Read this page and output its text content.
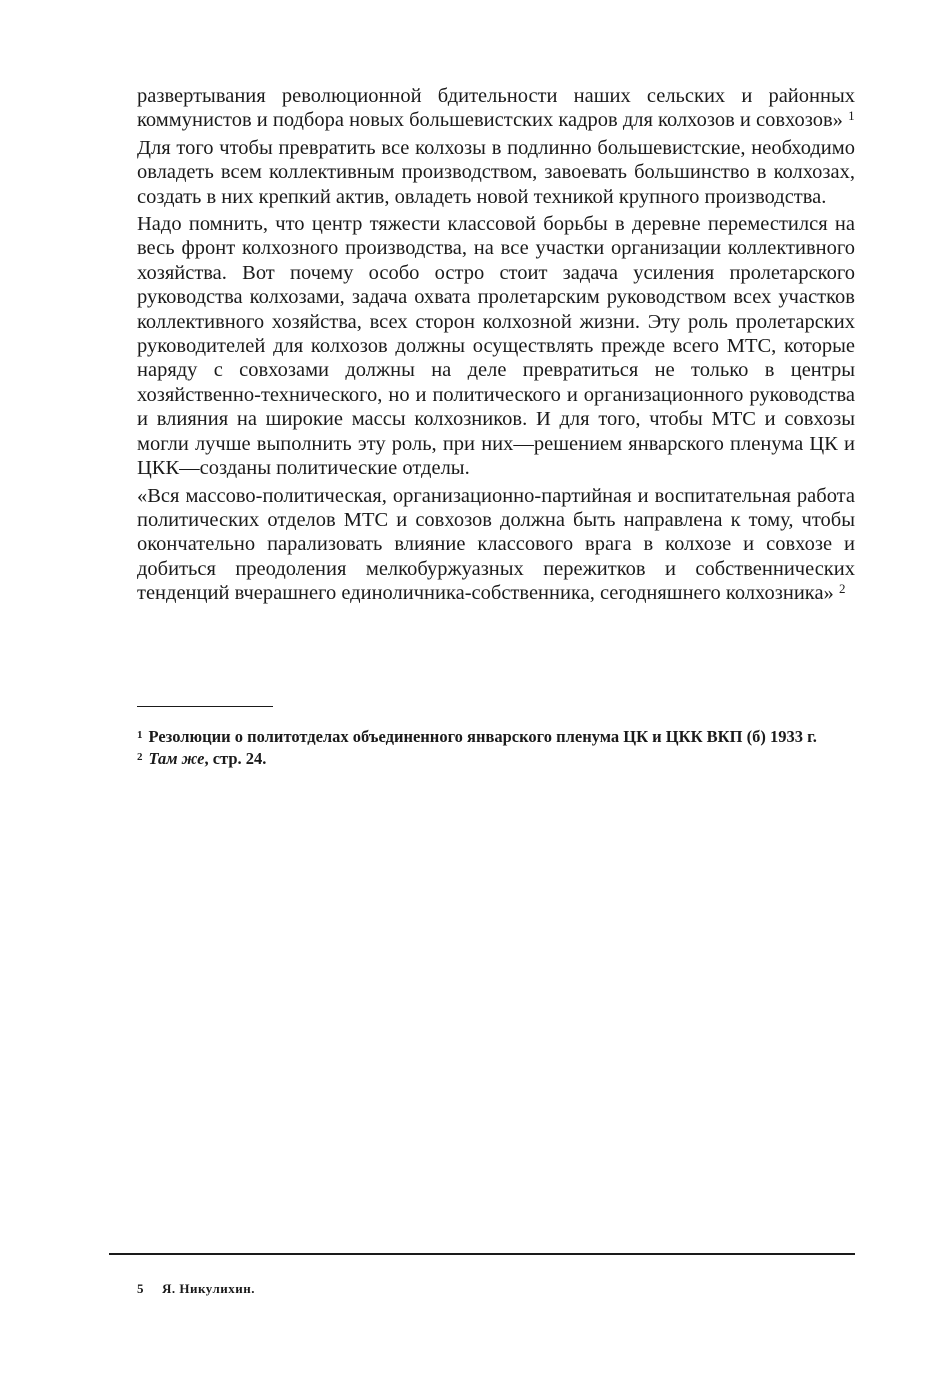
развертывания революционной бдительности наших сельских и районных коммунистов и подбора новых большевистских кадров для колхозов и совхозов» $^1$

Для того чтобы превратить все колхозы в подлинно большевистские, необходимо овладеть всем коллективным производством, завоевать большинство в колхозах, создать в них крепкий актив, овладеть новой техникой крупного производства.

Надо помнить, что центр тяжести классовой борьбы в деревне переместился на весь фронт колхозного производства, на все участки организации коллективного хозяйства. Вот почему особо остро стоит задача усиления пролетарского руководства колхозами, задача охвата пролетарским руководством всех участков коллективного хозяйства, всех сторон колхозной жизни. Эту роль пролетарских руководителей для колхозов должны осуществлять прежде всего МТС, которые наряду с совхозами должны на деле превратиться не только в центры хозяйственно-технического, но и политического и организационного руководства и влияния на широкие массы колхозников. И для того, чтобы МТС и совхозы могли лучше выполнить эту роль, при них—решением январского пленума ЦК и ЦКК—созданы политические отделы.

«Вся массово-политическая, организационно-партийная и воспитательная работа политических отделов МТС и совхозов должна быть направлена к тому, чтобы окончательно парализовать влияние классового врага в колхозе и совхозе и добиться преодоления мелкобуржуазных пережитков и собственнических тенденций вчерашнего единоличника-собственника, сегодняшнего колхозника» $^2$

$^1$ Резолюции о политотделах объединенного январского пленума ЦК и ЦКК ВКП (б) 1933 г.

$^2$ Там же, стр. 24.

5 Я. Никулихин.
